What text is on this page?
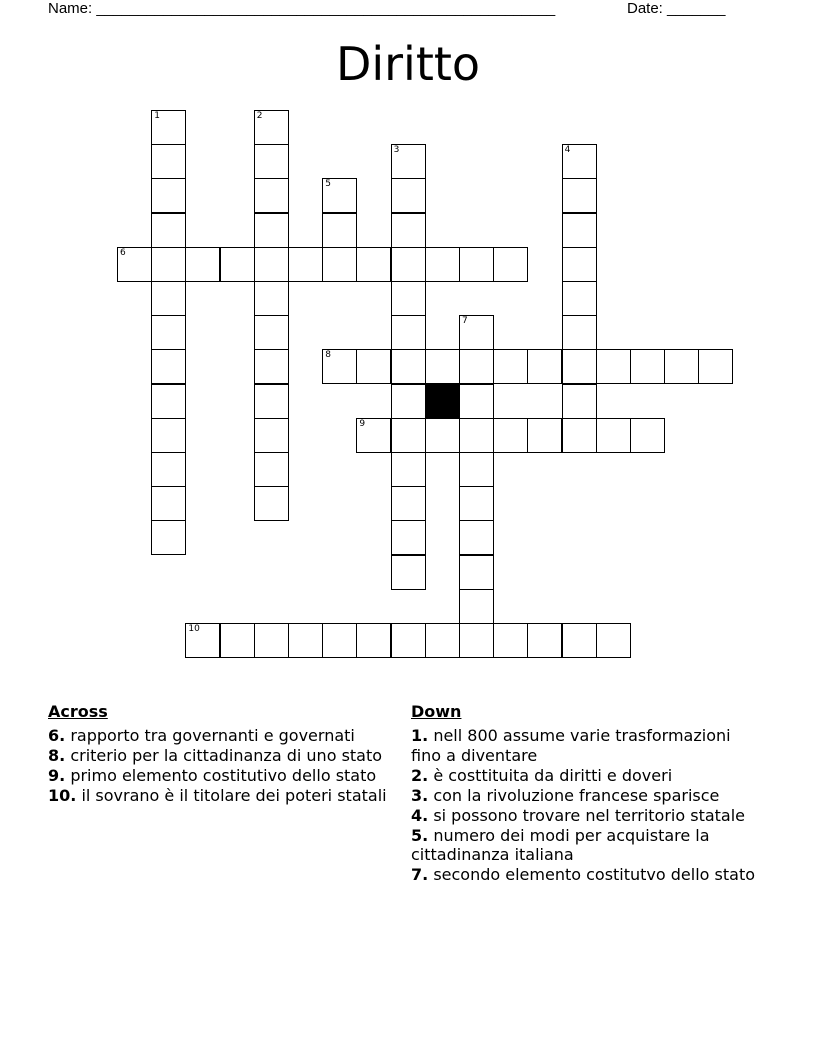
Name: _______________________________________________________	Date: _______
Diritto
1	2
3	4
5
6
7
8
9
10
Across
6. rapporto tra governanti e governati
8. criterio per la cittadinanza di uno stato
9. primo elemento costitutivo dello stato
10. il sovrano è il titolare dei poteri statali
Down
1. nell 800 assume varie trasformazioni fino a diventare
2. è costtituita da diritti e doveri
3. con la rivoluzione francese sparisce
4. si possono trovare nel territorio statale
5. numero dei modi per acquistare la cittadinanza italiana
7. secondo elemento costitutvo dello stato
